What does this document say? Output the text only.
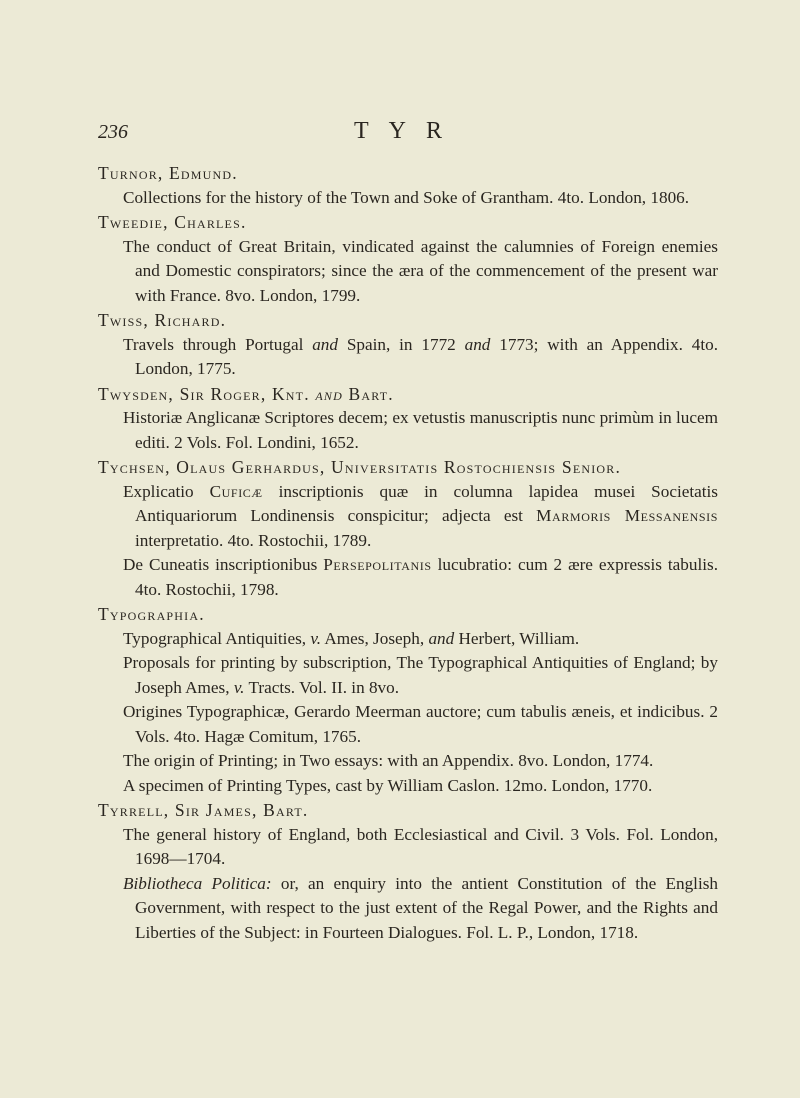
236	TYR
Turnor, Edmund.
Collections for the history of the Town and Soke of Grantham. 4to. London, 1806.
Tweedie, Charles.
The conduct of Great Britain, vindicated against the calumnies of Foreign enemies and Domestic conspirators; since the æra of the commencement of the present war with France. 8vo. London, 1799.
Twiss, Richard.
Travels through Portugal and Spain, in 1772 and 1773; with an Appendix. 4to. London, 1775.
Twysden, Sir Roger, Knt. and Bart.
Historiæ Anglicanæ Scriptores decem; ex vetustis manuscriptis nunc primùm in lucem editi. 2 Vols. Fol. Londini, 1652.
Tychsen, Olaus Gerhardus, Universitatis Rostochiensis Senior.
Explicatio Cuficæ inscriptionis quæ in columna lapidea musei Societatis Antiquariorum Londinensis conspicitur; adjecta est Marmoris Messanensis interpretatio. 4to. Rostochii, 1789.
De Cuneatis inscriptionibus Persepolitanis lucubratio: cum 2 ære expressis tabulis. 4to. Rostochii, 1798.
Typographia.
Typographical Antiquities, v. Ames, Joseph, and Herbert, William.
Proposals for printing by subscription, The Typographical Antiquities of England; by Joseph Ames, v. Tracts. Vol. II. in 8vo.
Origines Typographicæ, Gerardo Meerman auctore; cum tabulis æneis, et indicibus. 2 Vols. 4to. Hagæ Comitum, 1765.
The origin of Printing; in Two essays: with an Appendix. 8vo. London, 1774.
A specimen of Printing Types, cast by William Caslon. 12mo. London, 1770.
Tyrrell, Sir James, Bart.
The general history of England, both Ecclesiastical and Civil. 3 Vols. Fol. London, 1698—1704.
Bibliotheca Politica: or, an enquiry into the antient Constitution of the English Government, with respect to the just extent of the Regal Power, and the Rights and Liberties of the Subject: in Fourteen Dialogues. Fol. L. P., London, 1718.
